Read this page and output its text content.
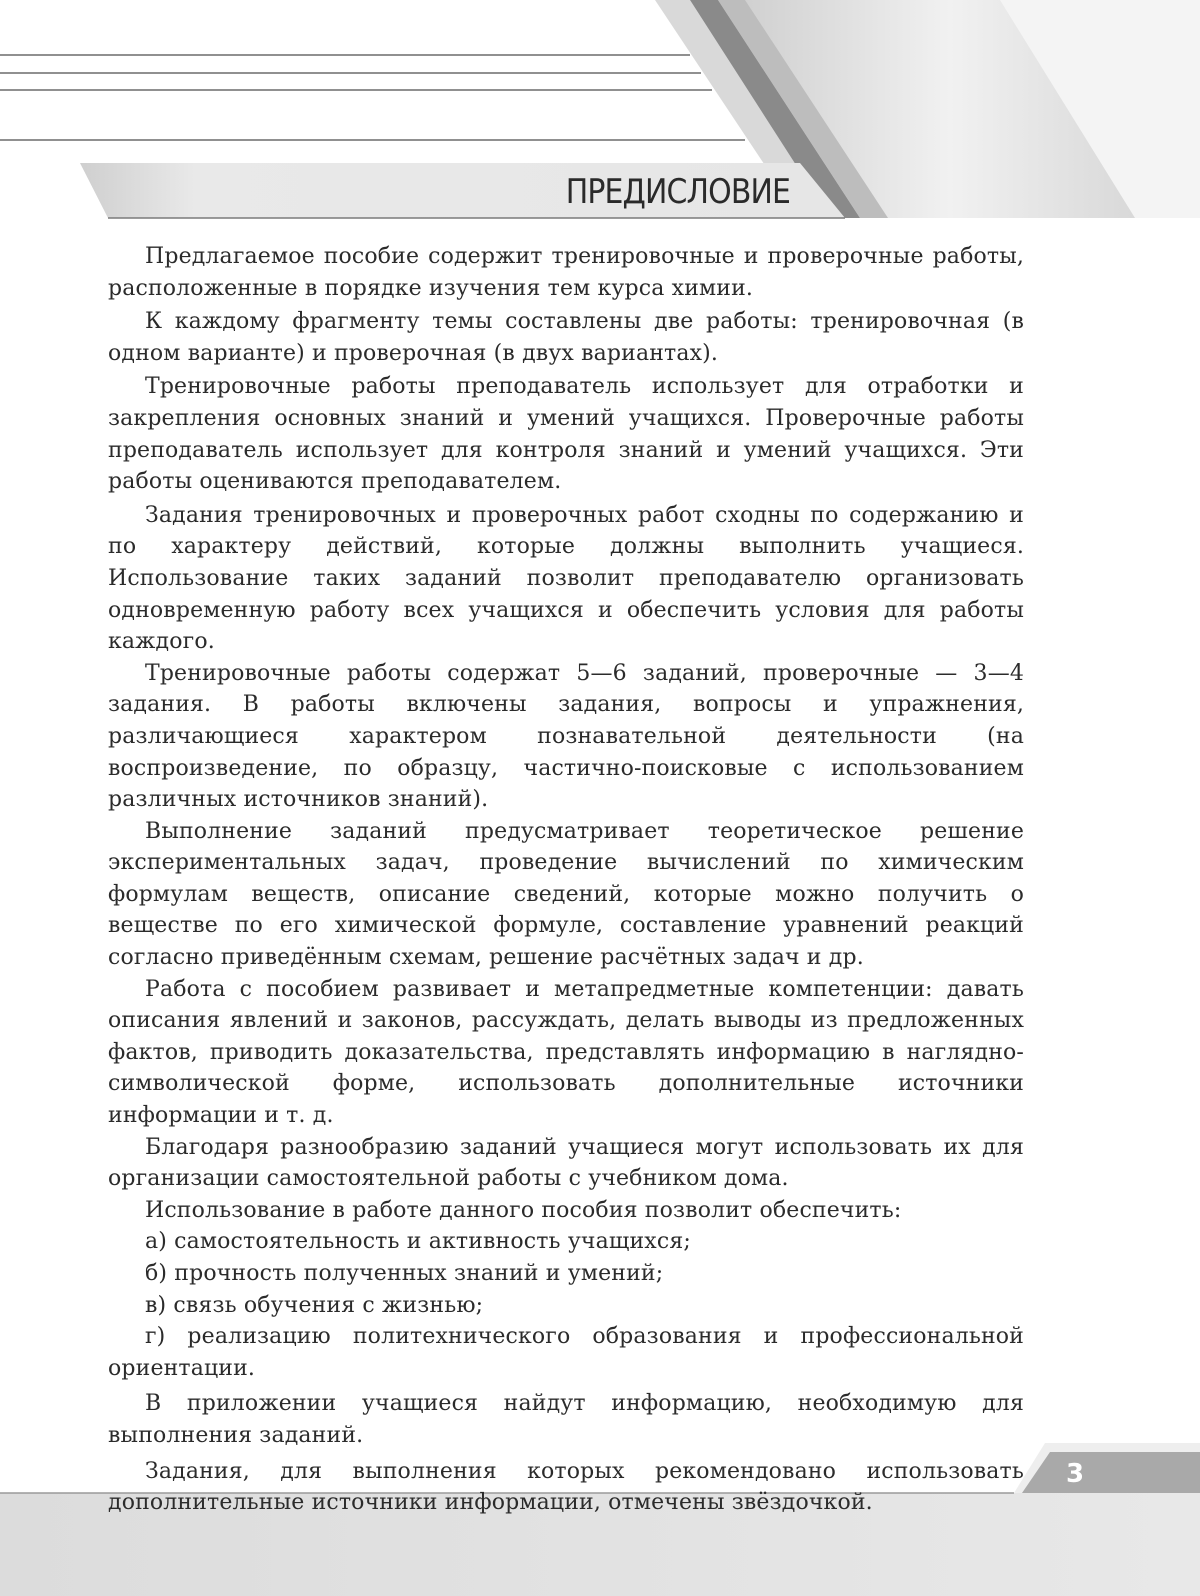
ПРЕДИСЛОВИЕ

Предлагаемое пособие содержит тренировочные и проверочные работы, расположенные в порядке изучения тем курса химии.

К каждому фрагменту темы составлены две работы: тренировочная (в одном варианте) и проверочная (в двух вариантах).

Тренировочные работы преподаватель использует для отработки и закрепления основных знаний и умений учащихся. Проверочные работы преподаватель использует для контроля знаний и умений учащихся. Эти работы оцениваются преподавателем.

Задания тренировочных и проверочных работ сходны по содержанию и по характеру действий, которые должны выполнить учащиеся. Использование таких заданий позволит преподавателю организовать одновременную работу всех учащихся и обеспечить условия для работы каждого.

Тренировочные работы содержат 5—6 заданий, проверочные — 3—4 задания. В работы включены задания, вопросы и упражнения, различающиеся характером познавательной деятельности (на воспроизведение, по образцу, частично-поисковые с использованием различных источников знаний).

Выполнение заданий предусматривает теоретическое решение экспериментальных задач, проведение вычислений по химическим формулам веществ, описание сведений, которые можно получить о веществе по его химической формуле, составление уравнений реакций согласно приведённым схемам, решение расчётных задач и др.

Работа с пособием развивает и метапредметные компетенции: давать описания явлений и законов, рассуждать, делать выводы из предложенных фактов, приводить доказательства, представлять информацию в наглядно-символической форме, использовать дополнительные источники информации и т. д.

Благодаря разнообразию заданий учащиеся могут использовать их для организации самостоятельной работы с учебником дома.

Использование в работе данного пособия позволит обеспечить:

а) самостоятельность и активность учащихся;

б) прочность полученных знаний и умений;

в) связь обучения с жизнью;

г) реализацию политехнического образования и профессиональной ориентации.

В приложении учащиеся найдут информацию, необходимую для выполнения заданий.

Задания, для выполнения которых рекомендовано использовать дополнительные источники информации, отмечены звёздочкой.

3
